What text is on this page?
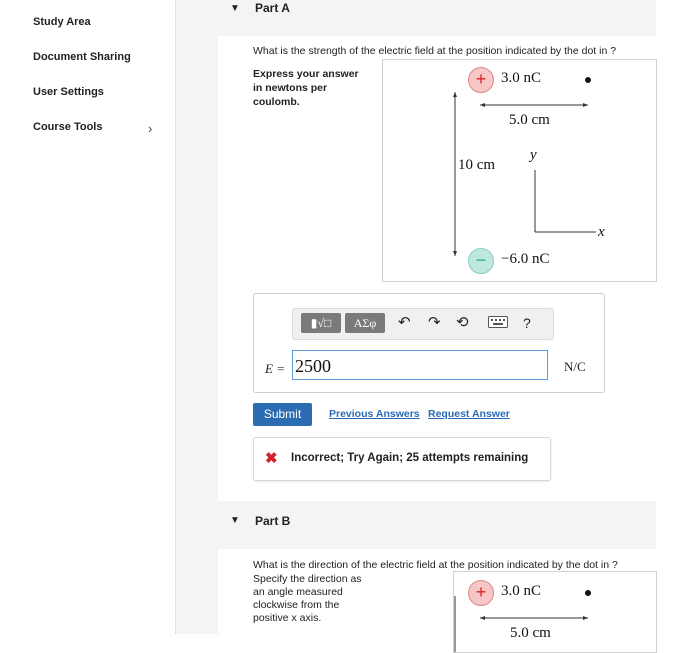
Study Area
Document Sharing
User Settings
Course Tools	›
▼ Part A
What is the strength of the electric field at the position indicated by the dot in ?
Express your answer
in newtons per
coulomb.
+ 3.0 nC
5.0 cm
10 cm
y
x
− −6.0 nC
▮√□	ΑΣφ	↶ ↷ ⟲	?
E = 2500	N/C
Submit	Previous Answers Request Answer
✖ Incorrect; Try Again; 25 attempts remaining
▼ Part B
What is the direction of the electric field at the position indicated by the dot in ?
Specify the direction as
an angle measured
clockwise from the
positive x axis.
+ 3.0 nC
5.0 cm
